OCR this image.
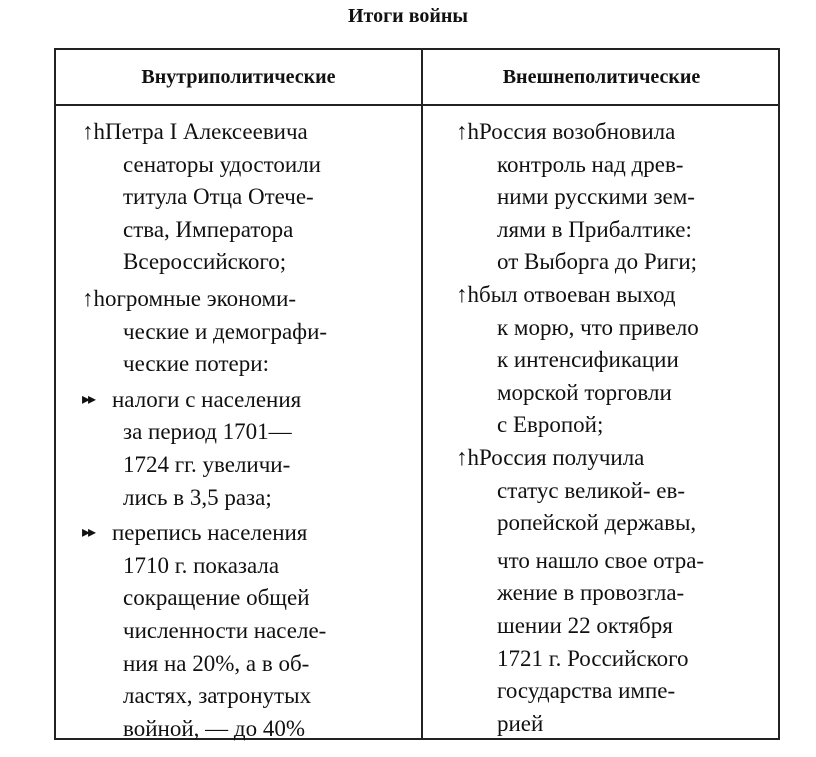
Итоги войны
Внутриполитические	Внешнеполитические
↑hПетра I Алексеевича
сенаторы удостоили
титула Отца Отече-
ства, Императора
Всероссийского;
↑hогромные экономи-
ческие и демографи-
ческие потери:
▸▸ налоги с населения
за период 1701—
1724 гг. увеличи-
лись в 3,5 раза;
▸▸ перепись населения
1710 г. показала
сокращение общей
численности населе-
ния на 20%, а в об-
ластях, затронутых
войной, — до 40%
↑hРоссия возобновила
контроль над древ-
ними русскими зем-
лями в Прибалтике:
от Выборга до Риги;
↑hбыл отвоеван выход
к морю, что привело
к интенсификации
морской торговли
с Европой;
↑hРоссия получила
статус великой- ев-
ропейской державы,
что нашло свое отра-
жение в провозгла-
шении 22 октября
1721 г. Российского
государства импе-
рией
